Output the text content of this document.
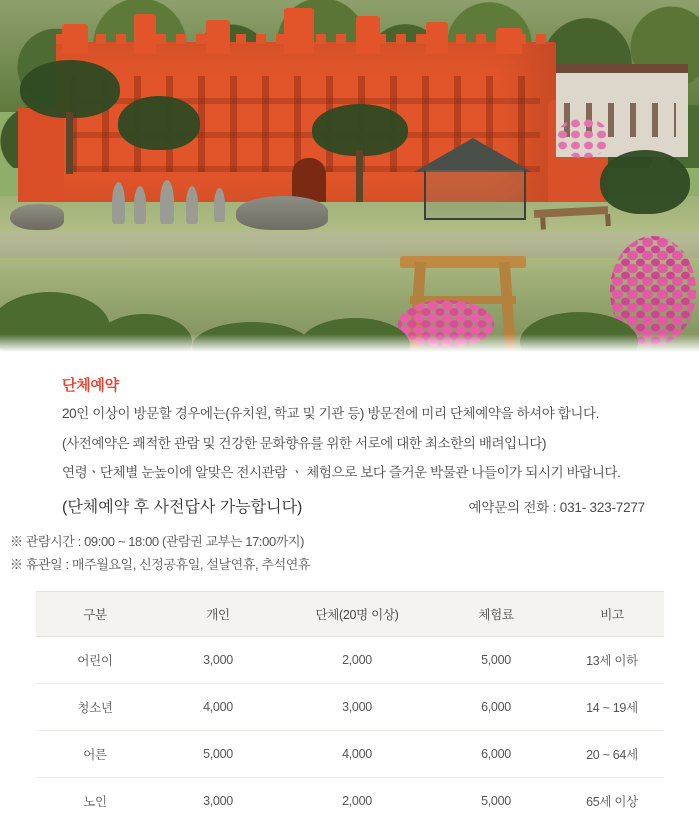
단체예약

20인 이상이 방문할 경우에는(유치원, 학교 및 기관 등) 방문전에 미리 단체예약을 하셔야 합니다.

(사전예약은 쾌적한 관람 및 건강한 문화향유를 위한 서로에 대한 최소한의 배려입니다)

연령ㆍ단체별 눈높이에 알맞은 전시관람 ㆍ 체험으로 보다 즐거운 박물관 나들이가 되시기 바랍니다.

(단체예약 후 사전답사 가능합니다)	예약문의 전화 : 031- 323-7277

※ 관람시간 : 09:00 ~ 18:00 (관람권 교부는 17:00까지)

※ 휴관일 : 매주월요일, 신정공휴일, 설날연휴, 추석연휴

구분	개인	단체(20명 이상)	체험료	비고
어린이	3,000	2,000	5,000	13세 이하
청소년	4,000	3,000	6,000	14 ~ 19세
어른	5,000	4,000	6,000	20 ~ 64세
노인	3,000	2,000	5,000	65세 이상
